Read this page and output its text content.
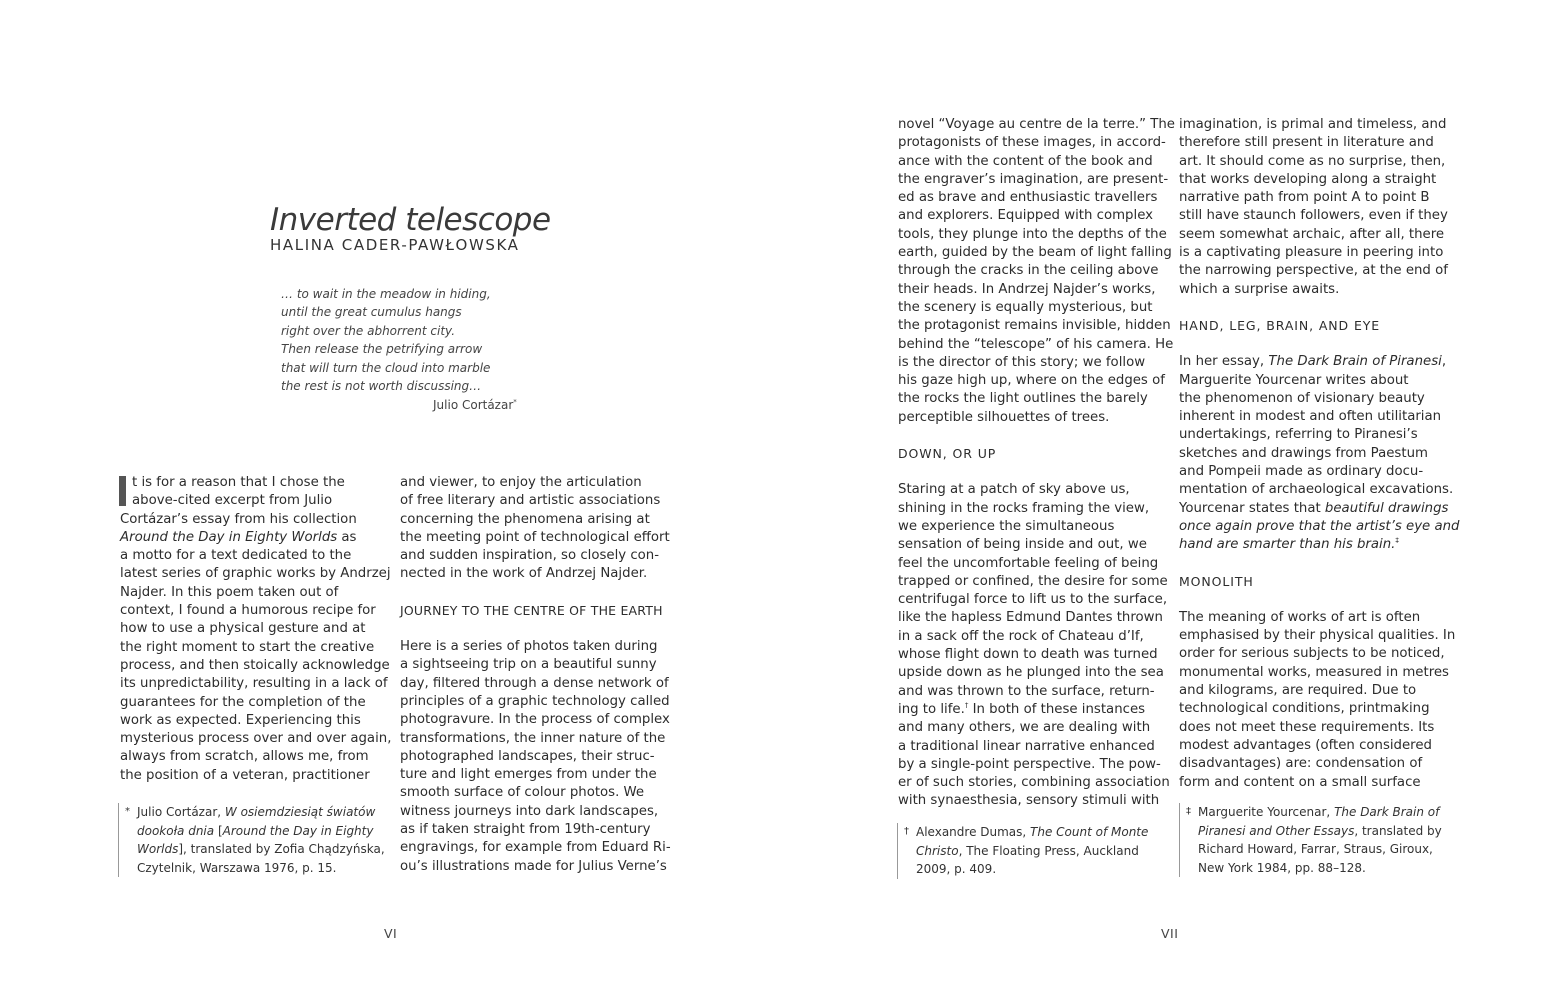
Inverted telescope
HALINA CADER-PAWŁOWSKA
… to wait in the meadow in hiding,
until the great cumulus hangs
right over the abhorrent city.
Then release the petrifying arrow
that will turn the cloud into marble
the rest is not worth discussing…
Julio Cortázar*
t is for a reason that I chose the
above-cited excerpt from Julio
Cortázar’s essay from his collection
Around the Day in Eighty Worlds as
a motto for a text dedicated to the
latest series of graphic works by Andrzej
Najder. In this poem taken out of
context, I found a humorous recipe for
how to use a physical gesture and at
the right moment to start the creative
process, and then stoically acknowledge
its unpredictability, resulting in a lack of
guarantees for the completion of the
work as expected. Experiencing this
mysterious process over and over again,
always from scratch, allows me, from
the position of a veteran, practitioner
* Julio Cortázar, W osiemdziesiąt światów
dookoła dnia [Around the Day in Eighty
Worlds], translated by Zofia Chądzyńska,
Czytelnik, Warszawa 1976, p. 15.
and viewer, to enjoy the articulation
of free literary and artistic associations
concerning the phenomena arising at
the meeting point of technological effort
and sudden inspiration, so closely con-
nected in the work of Andrzej Najder.
JOURNEY TO THE CENTRE OF THE EARTH
Here is a series of photos taken during
a sightseeing trip on a beautiful sunny
day, filtered through a dense network of
principles of a graphic technology called
photogravure. In the process of complex
transformations, the inner nature of the
photographed landscapes, their struc-
ture and light emerges from under the
smooth surface of colour photos. We
witness journeys into dark landscapes,
as if taken straight from 19th-century
engravings, for example from Eduard Ri-
ou’s illustrations made for Julius Verne’s
VI
novel “Voyage au centre de la terre.” The
protagonists of these images, in accord-
ance with the content of the book and
the engraver’s imagination, are present-
ed as brave and enthusiastic travellers
and explorers. Equipped with complex
tools, they plunge into the depths of the
earth, guided by the beam of light falling
through the cracks in the ceiling above
their heads. In Andrzej Najder’s works,
the scenery is equally mysterious, but
the protagonist remains invisible, hidden
behind the “telescope” of his camera. He
is the director of this story; we follow
his gaze high up, where on the edges of
the rocks the light outlines the barely
perceptible silhouettes of trees.
DOWN, OR UP
Staring at a patch of sky above us,
shining in the rocks framing the view,
we experience the simultaneous
sensation of being inside and out, we
feel the uncomfortable feeling of being
trapped or confined, the desire for some
centrifugal force to lift us to the surface,
like the hapless Edmund Dantes thrown
in a sack off the rock of Chateau d’If,
whose flight down to death was turned
upside down as he plunged into the sea
and was thrown to the surface, return-
ing to life.† In both of these instances
and many others, we are dealing with
a traditional linear narrative enhanced
by a single-point perspective. The pow-
er of such stories, combining association
with synaesthesia, sensory stimuli with
† Alexandre Dumas, The Count of Monte
Christo, The Floating Press, Auckland
2009, p. 409.
imagination, is primal and timeless, and
therefore still present in literature and
art. It should come as no surprise, then,
that works developing along a straight
narrative path from point A to point B
still have staunch followers, even if they
seem somewhat archaic, after all, there
is a captivating pleasure in peering into
the narrowing perspective, at the end of
which a surprise awaits.
HAND, LEG, BRAIN, AND EYE
In her essay, The Dark Brain of Piranesi,
Marguerite Yourcenar writes about
the phenomenon of visionary beauty
inherent in modest and often utilitarian
undertakings, referring to Piranesi’s
sketches and drawings from Paestum
and Pompeii made as ordinary docu-
mentation of archaeological excavations.
Yourcenar states that beautiful drawings
once again prove that the artist’s eye and
hand are smarter than his brain.‡
MONOLITH
The meaning of works of art is often
emphasised by their physical qualities. In
order for serious subjects to be noticed,
monumental works, measured in metres
and kilograms, are required. Due to
technological conditions, printmaking
does not meet these requirements. Its
modest advantages (often considered
disadvantages) are: condensation of
form and content on a small surface
‡ Marguerite Yourcenar, The Dark Brain of
Piranesi and Other Essays, translated by
Richard Howard, Farrar, Straus, Giroux,
New York 1984, pp. 88–128.
VII
